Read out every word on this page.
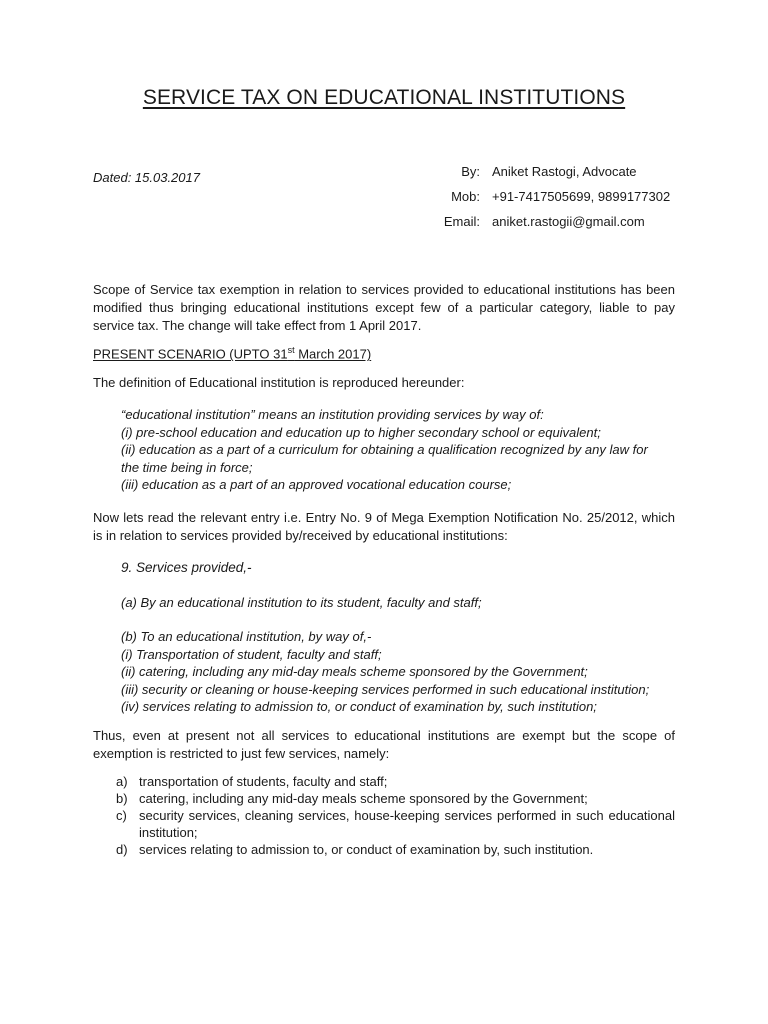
SERVICE TAX ON EDUCATIONAL INSTITUTIONS
Dated: 15.03.2017	By: Aniket Rastogi, Advocate
Mob: +91-7417505699, 9899177302
Email: aniket.rastogii@gmail.com
Scope of Service tax exemption in relation to services provided to educational institutions has been modified thus bringing educational institutions except few of a particular category, liable to pay service tax. The change will take effect from 1 April 2017.
PRESENT SCENARIO (UPTO 31st March 2017)
The definition of Educational institution is reproduced hereunder:
“educational institution” means an institution providing services by way of:
(i) pre-school education and education up to higher secondary school or equivalent;
(ii) education as a part of a curriculum for obtaining a qualification recognized by any law for
the time being in force;
(iii) education as a part of an approved vocational education course;
Now lets read the relevant entry i.e. Entry No. 9 of Mega Exemption Notification No. 25/2012, which is in relation to services provided by/received by educational institutions:
9. Services provided,-
(a) By an educational institution to its student, faculty and staff;
(b) To an educational institution, by way of,-
(i) Transportation of student, faculty and staff;
(ii) catering, including any mid-day meals scheme sponsored by the Government;
(iii) security or cleaning or house-keeping services performed in such educational institution;
(iv) services relating to admission to, or conduct of examination by, such institution;
Thus, even at present not all services to educational institutions are exempt but the scope of exemption is restricted to just few services, namely:

a) transportation of students, faculty and staff;

b) catering, including any mid-day meals scheme sponsored by the Government;

c) security services, cleaning services, house-keeping services performed in such educational institution;

d) services relating to admission to, or conduct of examination by, such institution.
